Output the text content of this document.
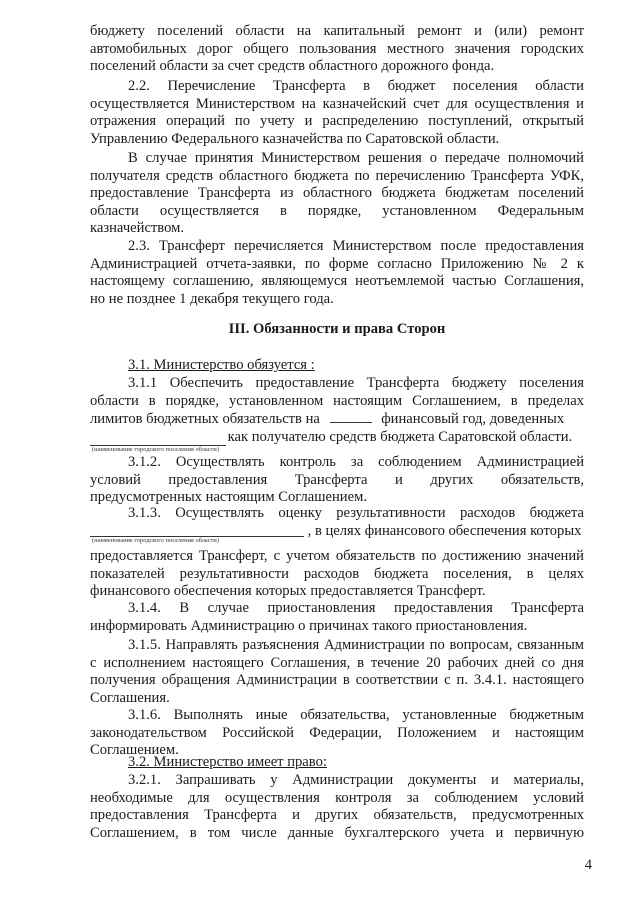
бюджету поселений области на капитальный ремонт и (или) ремонт
автомобильных дорог общего пользования местного значения городских
поселений области за счет средств областного дорожного фонда.
2.2. Перечисление Трансферта в бюджет поселения области
осуществляется Министерством на казначейский счет для осуществления и
отражения операций по учету и распределению поступлений, открытый
Управлению Федерального казначейства по Саратовской области.
В случае принятия Министерством решения о передаче полномочий
получателя средств областного бюджета по перечислению Трансферта УФК,
предоставление Трансферта из областного бюджета бюджетам поселений
области осуществляется в порядке, установленном Федеральным
казначейством.
2.3. Трансферт перечисляется Министерством после предоставления
Администрацией отчета-заявки, по форме согласно Приложению № 2 к
настоящему соглашению, являющемуся неотъемлемой частью Соглашения,
но не позднее 1 декабря текущего года.
III. Обязанности и права Сторон
3.1. Министерство обязуется :
3.1.1 Обеспечить предоставление Трансферта бюджету поселения
области в порядке, установленном настоящим Соглашением, в пределах
лимитов бюджетных обязательств на	финансовый год, доведенных
как получателю средств бюджета Саратовской области.
(наименование городского поселения области)
3.1.2. Осуществлять контроль за соблюдением Администрацией
условий предоставления Трансферта и других обязательств,
предусмотренных настоящим Соглашением.
3.1.3. Осуществлять оценку результативности расходов бюджета
, в целях финансового обеспечения которых
предоставляется Трансферт, с учетом обязательств по достижению значений
показателей результативности расходов бюджета поселения, в целях
финансового обеспечения которых предоставляется Трансферт.
(наименование городского поселения области)
3.1.4. В случае приостановления предоставления Трансферта
информировать Администрацию о причинах такого приостановления.
3.1.5. Направлять разъяснения Администрации по вопросам, связанным
с исполнением настоящего Соглашения, в течение 20 рабочих дней со дня
получения обращения Администрации в соответствии с п. 3.4.1. настоящего
Соглашения.
3.1.6. Выполнять иные обязательства, установленные бюджетным
законодательством Российской Федерации, Положением и настоящим
Соглашением.
3.2. Министерство имеет право:
3.2.1. Запрашивать у Администрации документы и материалы,
необходимые для осуществления контроля за соблюдением условий
предоставления Трансферта и других обязательств, предусмотренных
Соглашением, в том числе данные бухгалтерского учета и первичную
4
